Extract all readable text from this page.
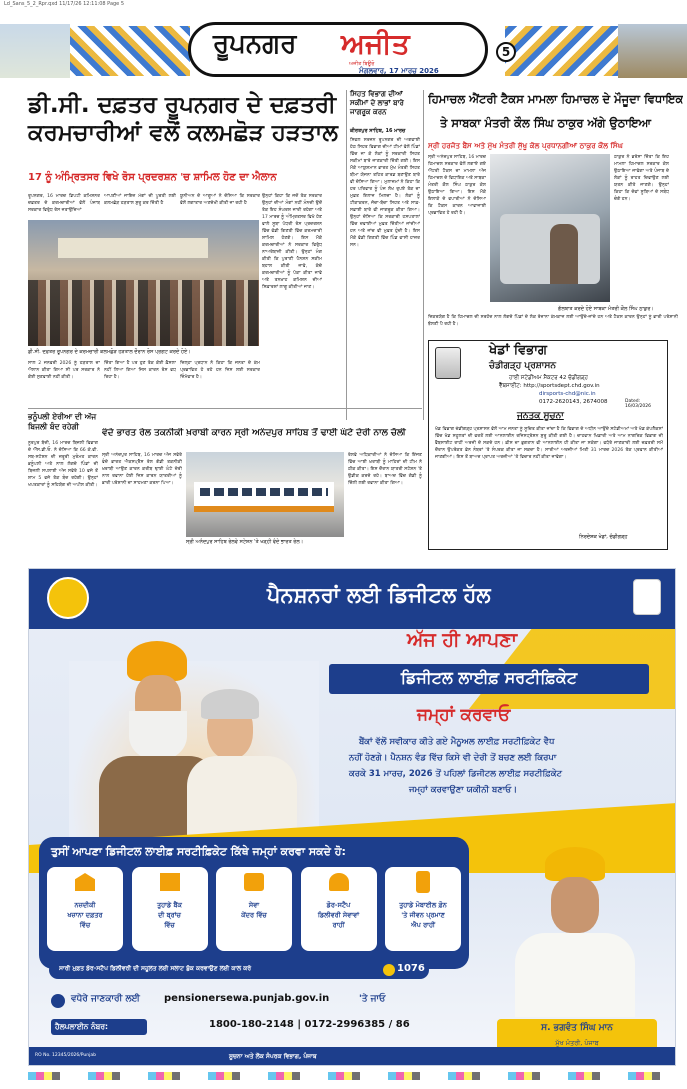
Ld_Sans_5_2_Rpr.qxd 11/17/26 12:11:08 Page 5
ਰੂਪਨਗਰ ਅਜੀਤ
ਅਜੀਤ ਬਿਊਰੋ
ਮੰਗਲਵਾਰ, 17 ਮਾਰਚ 2026
5
ਡੀ.ਸੀ. ਦਫ਼ਤਰ ਰੂਪਨਗਰ ਦੇ ਦਫ਼ਤਰੀ
ਕਰਮਚਾਰੀਆਂ ਵਲੋਂ ਕਲਮਛੋੜ ਹੜਤਾਲ
17 ਨੂੰ ਅੰਮ੍ਰਿਤਸਰ ਵਿਖੇ ਰੋਸ ਪ੍ਰਦਰਸ਼ਨ 'ਚ ਸ਼ਾਮਿਲ ਹੋਣ ਦਾ ਐਲਾਨ
ਰੂਪਨਗਰ, 16 ਮਾਰਚ ਡਿਪਟੀ ਕਮਿਸ਼ਨਰ ਦਫ਼ਤਰ ਦੇ ਕਰਮਚਾਰੀਆਂ ਵੱਲੋਂ ਪੰਜਾਬ ਸਰਕਾਰ ਵਿਰੁੱਧ ਰੋਸ ਜਤਾਉਂਦਿਆਂ
ਆਪਣੀਆਂ ਜਾਇਜ਼ ਮੰਗਾਂ ਦੀ ਪੂਰਤੀ ਲਈ ਕਲਮਛੋੜ ਹੜਤਾਲ ਸ਼ੁਰੂ ਕਰ ਦਿੱਤੀ ਹੈ
ਯੂਨੀਅਨ ਦੇ ਆਗੂਆਂ ਨੇ ਦੱਸਿਆ ਕਿ ਸਰਕਾਰ ਵੱਲੋਂ ਲਗਾਤਾਰ ਅਣਦੇਖੀ ਕੀਤੀ ਜਾ ਰਹੀ ਹੈ
ਡੀ.ਸੀ. ਦਫ਼ਤਰ ਰੂਪਨਗਰ ਦੇ ਕਰਮਚਾਰੀ ਕਲਮਛੋੜ ਹੜਤਾਲ ਦੌਰਾਨ ਰੋਸ ਪ੍ਰਗਟ ਕਰਦੇ ਹੋਏ।
ਉਨ੍ਹਾਂ ਕਿਹਾ ਕਿ ਜਦੋਂ ਤੱਕ ਸਰਕਾਰ ਉਨ੍ਹਾਂ ਦੀਆਂ ਮੰਗਾਂ ਨਹੀਂ ਮੰਨਦੀ ਉਦੋਂ ਤੱਕ ਇਹ ਸੰਘਰਸ਼ ਜਾਰੀ ਰਹੇਗਾ ਅਤੇ 17 ਮਾਰਚ ਨੂੰ ਅੰਮ੍ਰਿਤਸਰ ਵਿਖੇ ਹੋਣ ਵਾਲੇ ਸੂਬਾ ਪੱਧਰੀ ਰੋਸ ਪ੍ਰਦਰਸ਼ਨ ਵਿੱਚ ਵੱਡੀ ਗਿਣਤੀ ਵਿੱਚ ਕਰਮਚਾਰੀ ਸ਼ਾਮਿਲ ਹੋਣਗੇ। ਇਸ ਮੌਕੇ ਕਰਮਚਾਰੀਆਂ ਨੇ ਸਰਕਾਰ ਵਿਰੁੱਧ ਨਾਅਰੇਬਾਜ਼ੀ ਕੀਤੀ। ਉਨ੍ਹਾਂ ਮੰਗ ਕੀਤੀ ਕਿ ਪੁਰਾਣੀ ਪੈਨਸ਼ਨ ਸਕੀਮ ਬਹਾਲ ਕੀਤੀ ਜਾਵੇ, ਕੱਚੇ ਕਰਮਚਾਰੀਆਂ ਨੂੰ ਪੱਕਾ ਕੀਤਾ ਜਾਵੇ ਅਤੇ ਤਨਖ਼ਾਹ ਕਮਿਸ਼ਨ ਦੀਆਂ ਸਿਫ਼ਾਰਸ਼ਾਂ ਲਾਗੂ ਕੀਤੀਆਂ ਜਾਣ।
ਸਾਲ 2 ਜਨਵਰੀ 2026 ਨੂੰ ਹੜਤਾਲ ਦਾ ਐਲਾਨ ਕੀਤਾ ਗਿਆ ਸੀ ਪਰ ਸਰਕਾਰ ਨੇ ਕੋਈ ਸੁਣਵਾਈ ਨਹੀਂ ਕੀਤੀ।
ਦਿੱਤਾ ਗਿਆ ਹੈ ਪਰ ਹੁਣ ਤੱਕ ਕੋਈ ਫ਼ੈਸਲਾ ਨਹੀਂ ਲਿਆ ਗਿਆ ਜਿਸ ਕਾਰਨ ਰੋਸ ਵਧ ਰਿਹਾ ਹੈ।
ਜ਼ਿਲ੍ਹਾ ਪ੍ਰਧਾਨ ਨੇ ਕਿਹਾ ਕਿ ਜਨਤਾ ਦੇ ਕੰਮ ਪ੍ਰਭਾਵਿਤ ਹੋ ਰਹੇ ਹਨ ਜਿਸ ਲਈ ਸਰਕਾਰ ਜ਼ਿੰਮੇਵਾਰ ਹੈ।
ਸਿਹਤ ਵਿਭਾਗ ਦੀਆਂ ਸਕੀਮਾਂ ਦੇ ਲਾਭਾਂ ਬਾਰੇ ਜਾਗਰੂਕ ਕਰਨ
ਕੀਰਤਪੁਰ ਸਾਹਿਬ, 16 ਮਾਰਚ
ਸਿਵਲ ਸਰਜਨ ਰੂਪਨਗਰ ਦੀ ਅਗਵਾਈ ਹੇਠ ਸਿਹਤ ਵਿਭਾਗ ਦੀਆਂ ਟੀਮਾਂ ਵੱਲੋਂ ਪਿੰਡਾਂ ਵਿੱਚ ਜਾ ਕੇ ਲੋਕਾਂ ਨੂੰ ਸਰਕਾਰੀ ਸਿਹਤ ਸਕੀਮਾਂ ਬਾਰੇ ਜਾਣਕਾਰੀ ਦਿੱਤੀ ਗਈ। ਇਸ ਮੌਕੇ ਆਯੁਸ਼ਮਾਨ ਭਾਰਤ ਮੁੱਖ ਮੰਤਰੀ ਸਿਹਤ ਬੀਮਾ ਯੋਜਨਾ ਤਹਿਤ ਕਾਰਡ ਬਣਾਉਣ ਬਾਰੇ ਵੀ ਦੱਸਿਆ ਗਿਆ। ਮੁਲਾਜ਼ਮਾਂ ਨੇ ਕਿਹਾ ਕਿ ਹਰ ਪਰਿਵਾਰ ਨੂੰ ਪੰਜ ਲੱਖ ਰੁਪਏ ਤੱਕ ਦਾ ਮੁਫ਼ਤ ਇਲਾਜ ਮਿਲਦਾ ਹੈ। ਲੋਕਾਂ ਨੂੰ ਟੀਕਾਕਰਨ, ਜੱਚਾ-ਬੱਚਾ ਸਿਹਤ ਅਤੇ ਸਾਫ਼-ਸਫ਼ਾਈ ਬਾਰੇ ਵੀ ਜਾਗਰੂਕ ਕੀਤਾ ਗਿਆ। ਉਨ੍ਹਾਂ ਦੱਸਿਆ ਕਿ ਸਰਕਾਰੀ ਹਸਪਤਾਲਾਂ ਵਿੱਚ ਦਵਾਈਆਂ ਮੁਫ਼ਤ ਦਿੱਤੀਆਂ ਜਾਂਦੀਆਂ ਹਨ ਅਤੇ ਜਾਂਚ ਵੀ ਮੁਫ਼ਤ ਹੁੰਦੀ ਹੈ। ਇਸ ਮੌਕੇ ਵੱਡੀ ਗਿਣਤੀ ਵਿੱਚ ਪਿੰਡ ਵਾਸੀ ਹਾਜ਼ਰ ਸਨ।
ਹਿਮਾਚਲ ਐਂਟਰੀ ਟੈਕਸ ਮਾਮਲਾ ਹਿਮਾਚਲ ਦੇ ਮੌਜੂਦਾ ਵਿਧਾਇਕ
ਤੇ ਸਾਬਕਾ ਮੰਤਰੀ ਕੌਲ ਸਿੰਘ ਠਾਕੁਰ ਅੱਗੇ ਉਠਾਇਆ
ਸ੍ਰੀ ਹਰਜੋਤ ਬੈਂਸ ਅਤੇ ਮੁੱਖ ਮੰਤਰੀ ਸੁੱਖੂ ਕੋਲ ਪ੍ਰਧਾਨਗੀਆਂ ਠਾਕੁਰ ਕੌਲ ਸਿੰਘ
ਸ੍ਰੀ ਅਨੰਦਪੁਰ ਸਾਹਿਬ, 16 ਮਾਰਚ ਹਿਮਾਚਲ ਸਰਕਾਰ ਵੱਲੋਂ ਲਗਾਏ ਗਏ ਐਂਟਰੀ ਟੈਕਸ ਦਾ ਮਾਮਲਾ ਅੱਜ ਹਿਮਾਚਲ ਦੇ ਵਿਧਾਇਕ ਅਤੇ ਸਾਬਕਾ ਮੰਤਰੀ ਕੌਲ ਸਿੰਘ ਠਾਕੁਰ ਕੋਲ ਉਠਾਇਆ ਗਿਆ। ਇਸ ਮੌਕੇ ਇਲਾਕੇ ਦੇ ਵਪਾਰੀਆਂ ਨੇ ਦੱਸਿਆ ਕਿ ਟੈਕਸ ਕਾਰਨ ਆਵਾਜਾਈ ਪ੍ਰਭਾਵਿਤ ਹੋ ਰਹੀ ਹੈ।
ਠਾਕੁਰ ਨੇ ਭਰੋਸਾ ਦਿੱਤਾ ਕਿ ਇਹ ਮਾਮਲਾ ਹਿਮਾਚਲ ਸਰਕਾਰ ਕੋਲ ਉਠਾਇਆ ਜਾਵੇਗਾ ਅਤੇ ਪੰਜਾਬ ਦੇ ਲੋਕਾਂ ਨੂੰ ਰਾਹਤ ਦਿਵਾਉਣ ਲਈ ਯਤਨ ਕੀਤੇ ਜਾਣਗੇ। ਉਨ੍ਹਾਂ ਕਿਹਾ ਕਿ ਦੋਵਾਂ ਸੂਬਿਆਂ ਦੇ ਸਬੰਧ ਚੰਗੇ ਹਨ।
ਗੱਲਬਾਤ ਕਰਦੇ ਹੋਏ ਸਾਬਕਾ ਮੰਤਰੀ ਕੌਲ ਸਿੰਘ ਠਾਕੁਰ।
ਜ਼ਿਕਰਯੋਗ ਹੈ ਕਿ ਹਿਮਾਚਲ ਦੀ ਸਰਹੱਦ ਨਾਲ ਲੱਗਦੇ ਪਿੰਡਾਂ ਦੇ ਲੋਕ ਰੋਜ਼ਾਨਾ ਕੰਮਕਾਜ ਲਈ ਆਉਂਦੇ-ਜਾਂਦੇ ਹਨ ਅਤੇ ਟੈਕਸ ਕਾਰਨ ਉਨ੍ਹਾਂ ਨੂੰ ਭਾਰੀ ਪਰੇਸ਼ਾਨੀ ਝੱਲਣੀ ਪੈ ਰਹੀ ਹੈ।
ਖੇਡਾਂ ਵਿਭਾਗ
ਚੰਡੀਗੜ੍ਹ ਪ੍ਰਸ਼ਾਸਨ
ਹਾਈ ਸਟੇਡੀਅਮ ਸੈਕਟਰ 42 ਚੰਡੀਗੜ੍ਹ
ਵੈੱਬਸਾਈਟ: http://sportsdept.chd.gov.in
dirsports-chd@nic.in
0172-2620143, 2674008	Dated: 16/03/2026
ਜਨਤਕ ਸੂਚਨਾ
ਖੇਡ ਵਿਭਾਗ ਚੰਡੀਗੜ੍ਹ ਪ੍ਰਸ਼ਾਸਨ ਵੱਲੋਂ ਆਮ ਜਨਤਾ ਨੂੰ ਸੂਚਿਤ ਕੀਤਾ ਜਾਂਦਾ ਹੈ ਕਿ ਵਿਭਾਗ ਦੇ ਅਧੀਨ ਆਉਂਦੇ ਸਟੇਡੀਅਮਾਂ ਅਤੇ ਖੇਡ ਕੰਪਲੈਕਸਾਂ ਵਿੱਚ ਖੇਡ ਸਹੂਲਤਾਂ ਦੀ ਵਰਤੋਂ ਲਈ ਆਨਲਾਈਨ ਰਜਿਸਟ੍ਰੇਸ਼ਨ ਸ਼ੁਰੂ ਕੀਤੀ ਗਈ ਹੈ। ਚਾਹਵਾਨ ਖਿਡਾਰੀ ਅਤੇ ਆਮ ਨਾਗਰਿਕ ਵਿਭਾਗ ਦੀ ਵੈੱਬਸਾਈਟ ਰਾਹੀਂ ਅਰਜ਼ੀ ਦੇ ਸਕਦੇ ਹਨ। ਫ਼ੀਸ ਦਾ ਭੁਗਤਾਨ ਵੀ ਆਨਲਾਈਨ ਹੀ ਕੀਤਾ ਜਾ ਸਕੇਗਾ। ਵਧੇਰੇ ਜਾਣਕਾਰੀ ਲਈ ਦਫ਼ਤਰੀ ਸਮੇਂ ਦੌਰਾਨ ਉਪਰੋਕਤ ਫ਼ੋਨ ਨੰਬਰਾਂ 'ਤੇ ਸੰਪਰਕ ਕੀਤਾ ਜਾ ਸਕਦਾ ਹੈ। ਸਾਰੀਆਂ ਅਰਜ਼ੀਆਂ ਮਿਤੀ 31 ਮਾਰਚ 2026 ਤੱਕ ਪ੍ਰਵਾਨ ਕੀਤੀਆਂ ਜਾਣਗੀਆਂ। ਇਸ ਤੋਂ ਬਾਅਦ ਪ੍ਰਾਪਤ ਅਰਜ਼ੀਆਂ 'ਤੇ ਵਿਚਾਰ ਨਹੀਂ ਕੀਤਾ ਜਾਵੇਗਾ।
ਨਿਰਦੇਸ਼ਕ ਖੇਡਾਂ, ਚੰਡੀਗੜ੍ਹ
ਭਨੂੰਪਲੀ ਏਰੀਆ ਦੀ ਅੱਜ ਬਿਜਲੀ ਬੰਦ ਰਹੇਗੀ
ਨੂਰਪੁਰ ਬੇਦੀ, 16 ਮਾਰਚ ਬਿਜਲੀ ਵਿਭਾਗ ਦੇ ਐੱਸ.ਡੀ.ਓ. ਨੇ ਦੱਸਿਆ ਕਿ 66 ਕੇ.ਵੀ. ਸਬ-ਸਟੇਸ਼ਨ ਦੀ ਜ਼ਰੂਰੀ ਮੁਰੰਮਤ ਕਾਰਨ ਭਨੂੰਪਲੀ ਅਤੇ ਨਾਲ ਲੱਗਦੇ ਪਿੰਡਾਂ ਦੀ ਬਿਜਲੀ ਸਪਲਾਈ ਅੱਜ ਸਵੇਰੇ 10 ਵਜੇ ਤੋਂ ਸ਼ਾਮ 5 ਵਜੇ ਤੱਕ ਬੰਦ ਰਹੇਗੀ। ਉਨ੍ਹਾਂ ਖਪਤਕਾਰਾਂ ਨੂੰ ਸਹਿਯੋਗ ਦੀ ਅਪੀਲ ਕੀਤੀ।
ਵੰਦੇ ਭਾਰਤ ਰੇਲ ਤਕਨੀਕੀ ਖ਼ਰਾਬੀ ਕਾਰਨ ਸ੍ਰੀ ਅਨੰਦਪੁਰ ਸਾਹਿਬ ਤੋਂ ਢਾਈ ਘੰਟੇ ਦੇਰੀ ਨਾਲ ਚੱਲੀ
ਸ੍ਰੀ ਅਨੰਦਪੁਰ ਸਾਹਿਬ, 16 ਮਾਰਚ ਅੱਜ ਸਵੇਰੇ ਵੰਦੇ ਭਾਰਤ ਐਕਸਪ੍ਰੈੱਸ ਰੇਲ ਗੱਡੀ ਤਕਨੀਕੀ ਖ਼ਰਾਬੀ ਆਉਣ ਕਾਰਨ ਕਰੀਬ ਢਾਈ ਘੰਟੇ ਦੇਰੀ ਨਾਲ ਰਵਾਨਾ ਹੋਈ ਜਿਸ ਕਾਰਨ ਯਾਤਰੀਆਂ ਨੂੰ ਭਾਰੀ ਪਰੇਸ਼ਾਨੀ ਦਾ ਸਾਹਮਣਾ ਕਰਨਾ ਪਿਆ।
ਸ੍ਰੀ ਅਨੰਦਪੁਰ ਸਾਹਿਬ ਰੇਲਵੇ ਸਟੇਸ਼ਨ 'ਤੇ ਖੜ੍ਹੀ ਵੰਦੇ ਭਾਰਤ ਰੇਲ।
ਰੇਲਵੇ ਅਧਿਕਾਰੀਆਂ ਨੇ ਦੱਸਿਆ ਕਿ ਇੰਜਣ ਵਿੱਚ ਆਈ ਖ਼ਰਾਬੀ ਨੂੰ ਮਾਹਿਰਾਂ ਦੀ ਟੀਮ ਨੇ ਠੀਕ ਕੀਤਾ। ਇਸ ਦੌਰਾਨ ਯਾਤਰੀ ਸਟੇਸ਼ਨ 'ਤੇ ਉਡੀਕ ਕਰਦੇ ਰਹੇ। ਬਾਅਦ ਵਿੱਚ ਗੱਡੀ ਨੂੰ ਦਿੱਲੀ ਲਈ ਰਵਾਨਾ ਕੀਤਾ ਗਿਆ।
ਪੈਨਸ਼ਨਰਾਂ ਲਈ ਡਿਜੀਟਲ ਹੱਲ
ਅੱਜ ਹੀ ਆਪਣਾ
ਡਿਜੀਟਲ ਲਾਈਫ਼ ਸਰਟੀਫ਼ਿਕੇਟ
ਜਮ੍ਹਾਂ ਕਰਵਾਓ
ਬੈਂਕਾਂ ਵੱਲੋਂ ਸਵੀਕਾਰ ਕੀਤੇ ਗਏ ਮੈਨੂਅਲ ਲਾਈਫ਼ ਸਰਟੀਫ਼ਿਕੇਟ ਵੈਧ
ਨਹੀਂ ਹੋਣਗੇ। ਪੈਨਸ਼ਨ ਵੰਡ ਵਿੱਚ ਕਿਸੇ ਵੀ ਦੇਰੀ ਤੋਂ ਬਚਣ ਲਈ ਕਿਰਪਾ
ਕਰਕੇ 31 ਮਾਰਚ, 2026 ਤੋਂ ਪਹਿਲਾਂ ਡਿਜੀਟਲ ਲਾਈਫ਼ ਸਰਟੀਫ਼ਿਕੇਟ
ਜਮ੍ਹਾਂ ਕਰਵਾਉਣਾ ਯਕੀਨੀ ਬਣਾਓ।
ਤੁਸੀਂ ਆਪਣਾ ਡਿਜੀਟਲ ਲਾਈਫ਼ ਸਰਟੀਫ਼ਿਕੇਟ ਕਿੱਥੇ ਜਮ੍ਹਾਂ ਕਰਵਾ ਸਕਦੇ ਹੋ:
ਨਜ਼ਦੀਕੀ
ਖਜ਼ਾਨਾ ਦਫ਼ਤਰ
ਵਿੱਚ
ਤੁਹਾਡੇ ਬੈਂਕ
ਦੀ ਬ੍ਰਾਂਚ
ਵਿੱਚ
ਸੇਵਾ
ਕੇਂਦਰ ਵਿੱਚ
ਡੋਰ-ਸਟੈਪ
ਡਿਲੀਵਰੀ ਸੇਵਾਵਾਂ
ਰਾਹੀਂ
ਤੁਹਾਡੇ ਮੋਬਾਈਲ ਫ਼ੋਨ
'ਤੇ ਜੀਵਨ ਪ੍ਰਮਾਣ
ਐਪ ਰਾਹੀਂ
ਸਾਰੀ ਮੁਫ਼ਤ ਡੋਰ-ਸਟੈਪ ਡਿਲੀਵਰੀ ਦੀ ਸਹੂਲਤ ਲਈ ਸਲਾਟ ਬੁੱਕ ਕਰਵਾਉਣ ਲਈ ਕਾਲ ਕਰੋ	1076
ਸ. ਭਗਵੰਤ ਸਿੰਘ ਮਾਨ
ਮੁੱਖ ਮੰਤਰੀ, ਪੰਜਾਬ
ਵਧੇਰੇ ਜਾਣਕਾਰੀ ਲਈ pensionersewa.punjab.gov.in	'ਤੇ ਜਾਓ
ਹੈਲਪਲਾਈਨ ਨੰਬਰ:	1800-180-2148 | 0172-2996385 / 86
RO No. 12345/2026/Punjab	ਸੂਚਨਾ ਅਤੇ ਲੋਕ ਸੰਪਰਕ ਵਿਭਾਗ, ਪੰਜਾਬ
